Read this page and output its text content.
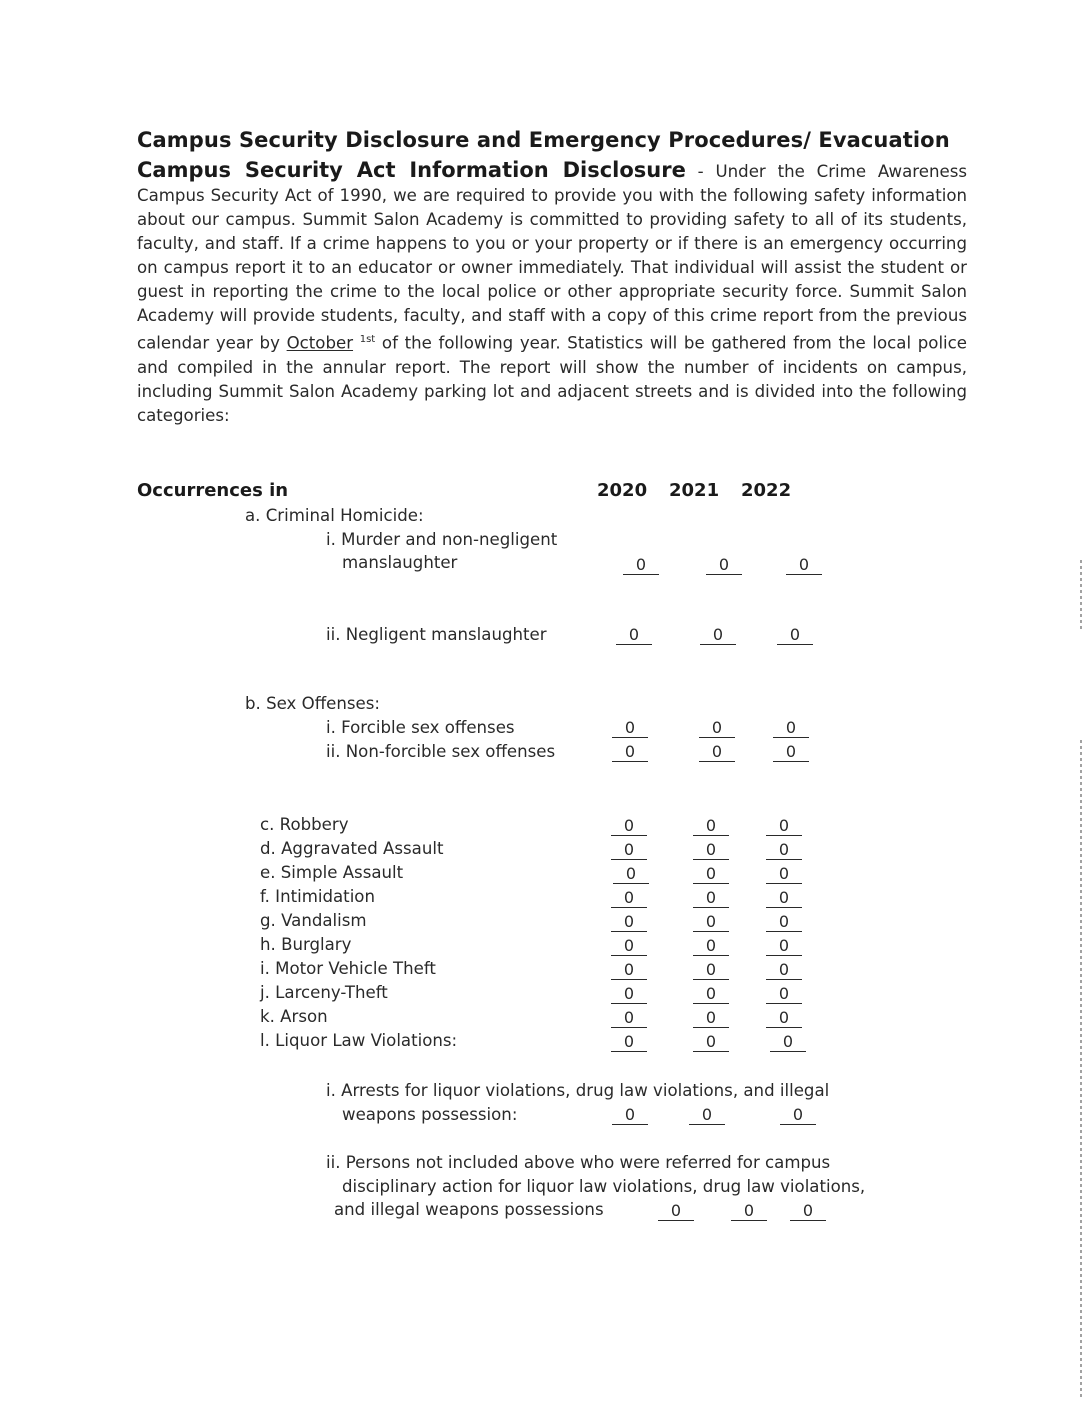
Campus Security Disclosure and Emergency Procedures/ Evacuation
Campus Security Act Information Disclosure - Under the Crime Awareness Campus Security Act of 1990, we are required to provide you with the following safety information about our campus. Summit Salon Academy is committed to providing safety to all of its students, faculty, and staff. If a crime happens to you or your property or if there is an emergency occurring on campus report it to an educator or owner immediately. That individual will assist the student or guest in reporting the crime to the local police or other appropriate security force. Summit Salon Academy will provide students, faculty, and staff with a copy of this crime report from the previous calendar year by October $^{1st}$ of the following year. Statistics will be gathered from the local police and compiled in the annular report. The report will show the number of incidents on campus, including Summit Salon Academy parking lot and adjacent streets and is divided into the following categories:
Occurrences in	2020 2021 2022
a. Criminal Homicide:
i. Murder and non-negligent
manslaughter	0	0	0
ii. Negligent manslaughter	0	0	0
b. Sex Offenses:
i. Forcible sex offenses	0	0	0
ii. Non-forcible sex offenses	0	0	0
c. Robbery	0	0	0
d. Aggravated Assault	0	0	0
e. Simple Assault	0	0	0
f. Intimidation	0	0	0
g. Vandalism	0	0	0
h. Burglary	0	0	0
i. Motor Vehicle Theft	0	0	0
j. Larceny-Theft	0	0	0
k. Arson	0	0	0
l. Liquor Law Violations:	0	0	0
i. Arrests for liquor violations, drug law violations, and illegal
weapons possession:	0	0	0
ii. Persons not included above who were referred for campus
disciplinary action for liquor law violations, drug law violations,
and illegal weapons possessions	0	0	0
